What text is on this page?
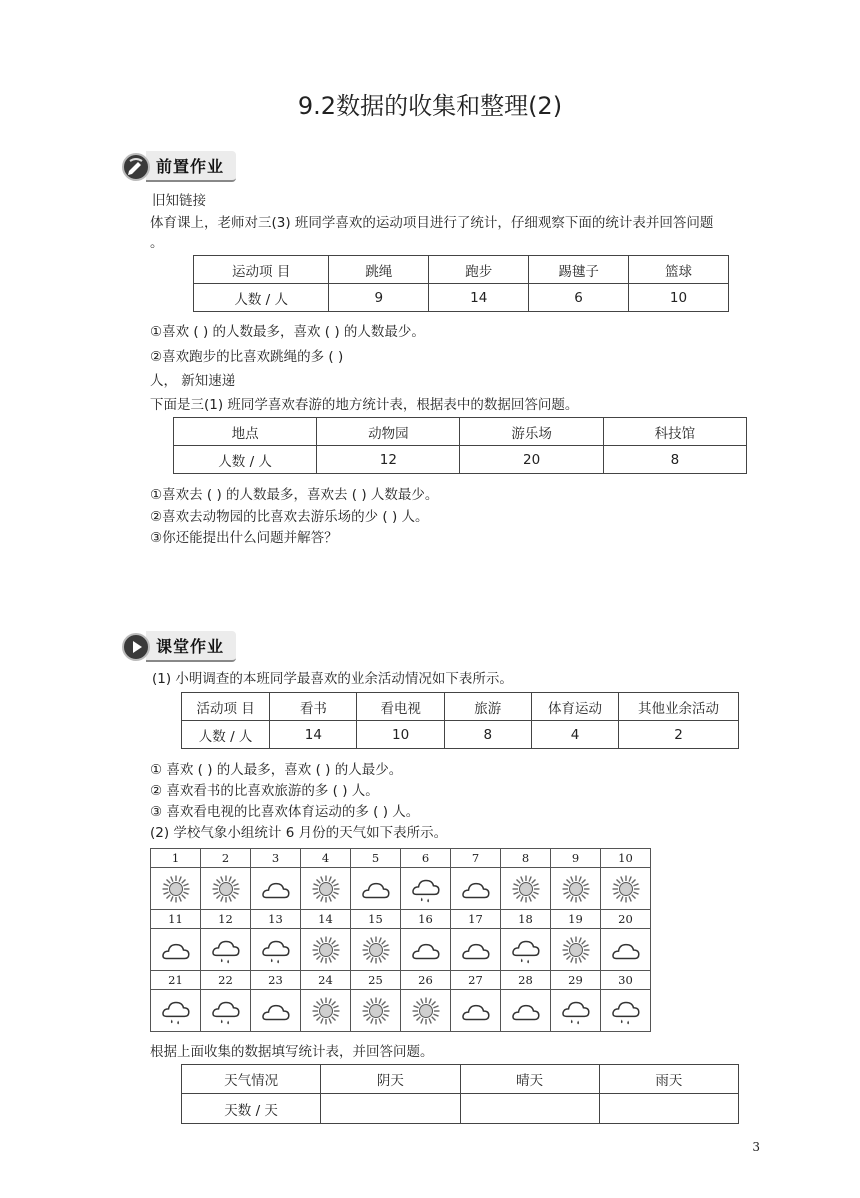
9.2数据的收集和整理(2)
前置作业
旧知链接
体育课上，老师对三(3) 班同学喜欢的运动项目进行了统计，仔细观察下面的统计表并回答问题
。
运动项 目	跳绳	跑步	踢毽子	篮球
人数 / 人	9	14	6	10
①喜欢 ( ) 的人数最多，喜欢 ( ) 的人数最少。
②喜欢跑步的比喜欢跳绳的多 ( )
人， 新知速递
下面是三(1) 班同学喜欢春游的地方统计表，根据表中的数据回答问题。
地点	动物园	游乐场	科技馆
人数 / 人	12	20	8
①喜欢去 ( ) 的人数最多，喜欢去 ( ) 人数最少。
②喜欢去动物园的比喜欢去游乐场的少 ( ) 人。
③你还能提出什么问题并解答？
课堂作业
(1) 小明调查的本班同学最喜欢的业余活动情况如下表所示。
活动项 目	看书	看电视	旅游	体育运动	其他业余活动
人数 / 人	14	10	8	4	2
① 喜欢 ( ) 的人最多，喜欢 ( ) 的人最少。
② 喜欢看书的比喜欢旅游的多 ( ) 人。
③ 喜欢看电视的比喜欢体育运动的多 ( ) 人。
(2) 学校气象小组统计 6 月份的天气如下表所示。
1	2	3	4	5	6	7	8	9	10

11	12	13	14	15	16	17	18	19	20

21	22	23	24	25	26	27	28	29	30

根据上面收集的数据填写统计表，并回答问题。
天气情况	阴天	晴天	雨天
天数 / 天			
3
